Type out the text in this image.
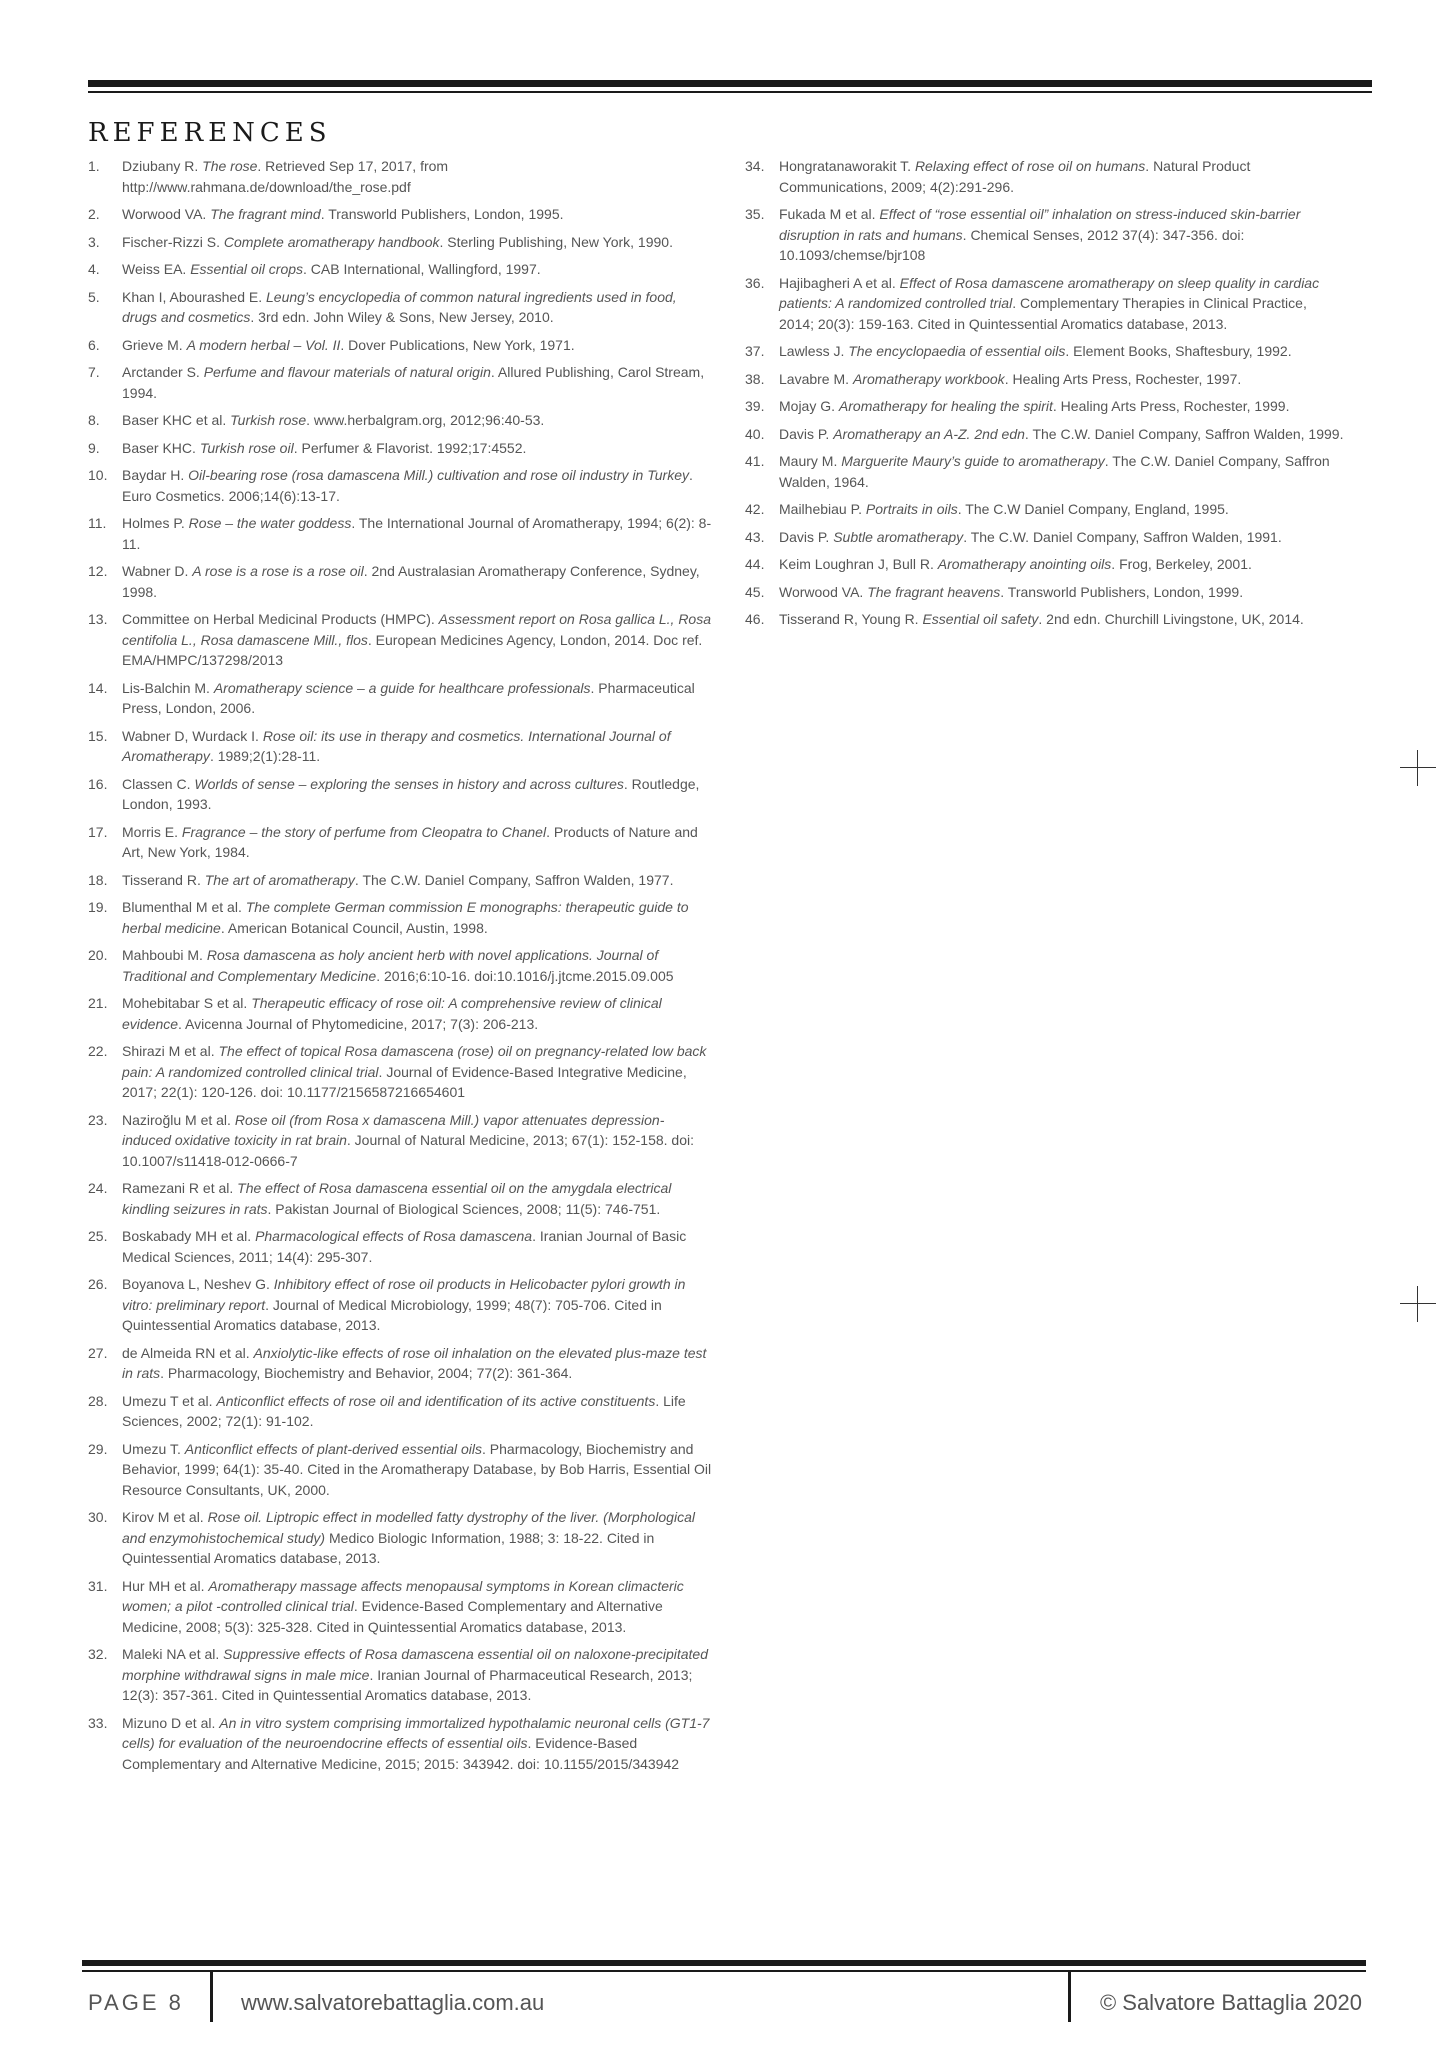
REFERENCES
1.	Dziubany R. The rose. Retrieved Sep 17, 2017, from http://www.rahmana.de/download/the_rose.pdf
2.	Worwood VA. The fragrant mind. Transworld Publishers, London, 1995.
3.	Fischer-Rizzi S. Complete aromatherapy handbook. Sterling Publishing, New York, 1990.
4.	Weiss EA. Essential oil crops. CAB International, Wallingford, 1997.
5.	Khan I, Abourashed E. Leung’s encyclopedia of common natural ingredients used in food, drugs and cosmetics. 3rd edn. John Wiley & Sons, New Jersey, 2010.
6.	Grieve M. A modern herbal – Vol. II. Dover Publications, New York, 1971.
7.	Arctander S. Perfume and flavour materials of natural origin. Allured Publishing, Carol Stream, 1994.
8.	Baser KHC et al. Turkish rose. www.herbalgram.org, 2012;96:40-53.
9.	Baser KHC. Turkish rose oil. Perfumer & Flavorist. 1992;17:4552.
10.	Baydar H. Oil-bearing rose (rosa damascena Mill.) cultivation and rose oil industry in Turkey. Euro Cosmetics. 2006;14(6):13-17.
11.	Holmes P. Rose – the water goddess. The International Journal of Aromatherapy, 1994; 6(2): 8-11.
12.	Wabner D. A rose is a rose is a rose oil. 2nd Australasian Aromatherapy Conference, Sydney, 1998.
13.	Committee on Herbal Medicinal Products (HMPC). Assessment report on Rosa gallica L., Rosa centifolia L., Rosa damascene Mill., flos. European Medicines Agency, London, 2014. Doc ref. EMA/HMPC/137298/2013
14.	Lis-Balchin M. Aromatherapy science – a guide for healthcare professionals. Pharmaceutical Press, London, 2006.
15.	Wabner D, Wurdack I. Rose oil: its use in therapy and cosmetics. International Journal of Aromatherapy. 1989;2(1):28-11.
16.	Classen C. Worlds of sense – exploring the senses in history and across cultures. Routledge, London, 1993.
17.	Morris E. Fragrance – the story of perfume from Cleopatra to Chanel. Products of Nature and Art, New York, 1984.
18.	Tisserand R. The art of aromatherapy. The C.W. Daniel Company, Saffron Walden, 1977.
19.	Blumenthal M et al. The complete German commission E monographs: therapeutic guide to herbal medicine. American Botanical Council, Austin, 1998.
20.	Mahboubi M. Rosa damascena as holy ancient herb with novel applications. Journal of Traditional and Complementary Medicine. 2016;6:10-16. doi:10.1016/j.jtcme.2015.09.005
21.	Mohebitabar S et al. Therapeutic efficacy of rose oil: A comprehensive review of clinical evidence. Avicenna Journal of Phytomedicine, 2017; 7(3): 206-213.
22.	Shirazi M et al. The effect of topical Rosa damascena (rose) oil on pregnancy-related low back pain: A randomized controlled clinical trial. Journal of Evidence-Based Integrative Medicine, 2017; 22(1): 120-126. doi: 10.1177/2156587216654601
23.	Naziroğlu M et al. Rose oil (from Rosa x damascena Mill.) vapor attenuates depression-induced oxidative toxicity in rat brain. Journal of Natural Medicine, 2013; 67(1): 152-158. doi: 10.1007/s11418-012-0666-7
24.	Ramezani R et al. The effect of Rosa damascena essential oil on the amygdala electrical kindling seizures in rats. Pakistan Journal of Biological Sciences, 2008; 11(5): 746-751.
25.	Boskabady MH et al. Pharmacological effects of Rosa damascena. Iranian Journal of Basic Medical Sciences, 2011; 14(4): 295-307.
26.	Boyanova L, Neshev G. Inhibitory effect of rose oil products in Helicobacter pylori growth in vitro: preliminary report. Journal of Medical Microbiology, 1999; 48(7): 705-706. Cited in Quintessential Aromatics database, 2013.
27.	de Almeida RN et al. Anxiolytic-like effects of rose oil inhalation on the elevated plus-maze test in rats. Pharmacology, Biochemistry and Behavior, 2004; 77(2): 361-364.
28.	Umezu T et al. Anticonflict effects of rose oil and identification of its active constituents. Life Sciences, 2002; 72(1): 91-102.
29.	Umezu T. Anticonflict effects of plant-derived essential oils. Pharmacology, Biochemistry and Behavior, 1999; 64(1): 35-40. Cited in the Aromatherapy Database, by Bob Harris, Essential Oil Resource Consultants, UK, 2000.
30.	Kirov M et al. Rose oil. Liptropic effect in modelled fatty dystrophy of the liver. (Morphological and enzymohistochemical study) Medico Biologic Information, 1988; 3: 18-22. Cited in Quintessential Aromatics database, 2013.
31.	Hur MH et al. Aromatherapy massage affects menopausal symptoms in Korean climacteric women; a pilot -controlled clinical trial. Evidence-Based Complementary and Alternative Medicine, 2008; 5(3): 325-328. Cited in Quintessential Aromatics database, 2013.
32.	Maleki NA et al. Suppressive effects of Rosa damascena essential oil on naloxone-precipitated morphine withdrawal signs in male mice. Iranian Journal of Pharmaceutical Research, 2013; 12(3): 357-361. Cited in Quintessential Aromatics database, 2013.
33.	Mizuno D et al. An in vitro system comprising immortalized hypothalamic neuronal cells (GT1-7 cells) for evaluation of the neuroendocrine effects of essential oils. Evidence-Based Complementary and Alternative Medicine, 2015; 2015: 343942. doi: 10.1155/2015/343942
34.	Hongratanaworakit T. Relaxing effect of rose oil on humans. Natural Product Communications, 2009; 4(2):291-296.
35.	Fukada M et al. Effect of “rose essential oil” inhalation on stress-induced skin-barrier disruption in rats and humans. Chemical Senses, 2012 37(4): 347-356. doi: 10.1093/chemse/bjr108
36.	Hajibagheri A et al. Effect of Rosa damascene aromatherapy on sleep quality in cardiac patients: A randomized controlled trial. Complementary Therapies in Clinical Practice, 2014; 20(3): 159-163. Cited in Quintessential Aromatics database, 2013.
37.	Lawless J. The encyclopaedia of essential oils. Element Books, Shaftesbury, 1992.
38.	Lavabre M. Aromatherapy workbook. Healing Arts Press, Rochester, 1997.
39.	Mojay G. Aromatherapy for healing the spirit. Healing Arts Press, Rochester, 1999.
40.	Davis P. Aromatherapy an A-Z. 2nd edn. The C.W. Daniel Company, Saffron Walden, 1999.
41.	Maury M. Marguerite Maury’s guide to aromatherapy. The C.W. Daniel Company, Saffron Walden, 1964.
42.	Mailhebiau P. Portraits in oils. The C.W Daniel Company, England, 1995.
43.	Davis P. Subtle aromatherapy. The C.W. Daniel Company, Saffron Walden, 1991.
44.	Keim Loughran J, Bull R. Aromatherapy anointing oils. Frog, Berkeley, 2001.
45.	Worwood VA. The fragrant heavens. Transworld Publishers, London, 1999.
46.	Tisserand R, Young R. Essential oil safety. 2nd edn. Churchill Livingstone, UK, 2014.
PAGE 8	www.salvatorebattaglia.com.au	© Salvatore Battaglia 2020
